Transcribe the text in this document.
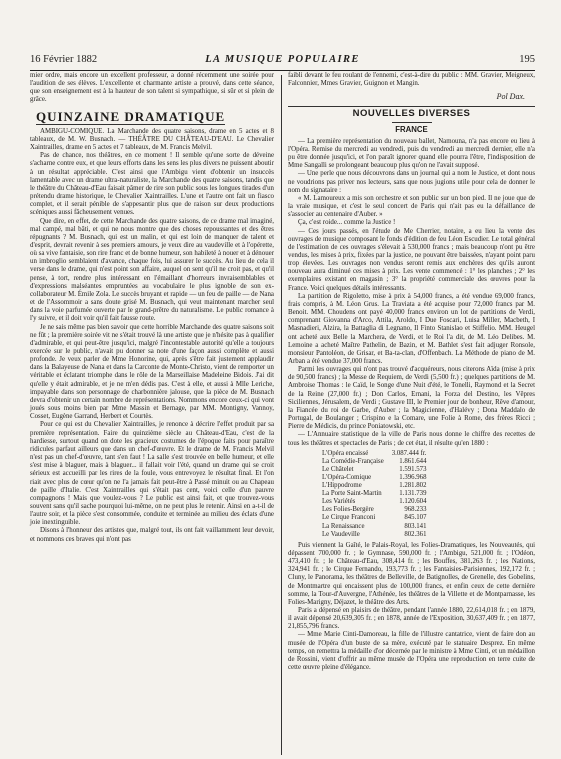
16 Février 1882	LA MUSIQUE POPULAIRE	195

mier ordre, mais encore un excellent professeur, a donné récemment une soirée pour l'audition de ses élèves. L'excellente et charmante artiste a prouvé, dans cette séance, que son enseignement est à la hauteur de son talent si sympathique, si sûr et si plein de grâce.

QUINZAINE DRAMATIQUE

AMBIGU-COMIQUE. La Marchande des quatre saisons, drame en 5 actes et 8 tableaux, de M. W. Busnach. — THÉÂTRE DU CHÂTEAU-D'EAU. Le Chevalier Xaintrailles, drame en 5 actes et 7 tableaux, de M. Francis Melvil.

Pas de chance, nos théâtres, en ce moment ! Il semble qu'une sorte de déveine s'acharne contre eux, et que leurs efforts dans les sens les plus divers ne puissent aboutir à un résultat appréciable. C'est ainsi que l'Ambigu vient d'obtenir un insuccès lamentable avec un drame ultra-naturaliste, la Marchande des quatre saisons, tandis que le théâtre du Château-d'Eau faisait pâmer de rire son public sous les longues tirades d'un prétendu drame historique, le Chevalier Xaintrailles. L'une et l'autre ont fait un fiasco complet, et il serait pénible de s'appesantir plus que de raison sur deux productions scéniques aussi fâcheusement venues.

Que dire, en effet, de cette Marchande des quatre saisons, de ce drame mal imaginé, mal campé, mal bâti, et qui ne nous montre que des choses repoussantes et des êtres répugnants ? M. Busnach, qui est un malin, et qui est loin de manquer de talent et d'esprit, devrait revenir à ses premiers amours, je veux dire au vaudeville et à l'opérette, où sa vive fantaisie, son rire franc et de bonne humeur, son habileté à nouer et à dénouer un imbroglio semblaient d'avance, chaque fois, lui assurer le succès. Au lieu de cela il verse dans le drame, qui n'est point son affaire, auquel on sent qu'il ne croit pas, et qu'il pense, à tort, rendre plus intéressant en l'émaillant d'horreurs invraisemblables et d'expressions malséantes empruntées au vocabulaire le plus ignoble de son ex-collaborateur M. Émile Zola. Le succès bruyant et rapide — un feu de paille — de Nana et de l'Assommoir a sans doute grisé M. Busnach, qui veut maintenant marcher seul dans la voie parfumée ouverte par le grand-prêtre du naturalisme. Le public romance à l'y suivre, et il doit voir qu'il fait fausse route.

Je ne sais même pas bien savoir que cette horrible Marchande des quatre saisons soit ne fût ; la première soirée vit ne s'était trouvé là une artiste que je n'hésite pas à qualifier d'admirable, et qui peut-être jusqu'ici, malgré l'incontestable autorité qu'elle a toujours exercée sur le public, n'avait pu donner sa note d'une façon aussi complète et aussi profonde. Je veux parler de Mme Honorine, qui, après s'être fait justement applaudir dans la Balayeuse de Nana et dans la Carconte de Monte-Christo, vient de remporter un véritable et éclatant triomphe dans le rôle de la Marseillaise Madeleine Bidois. J'ai dit qu'elle y était admirable, et je ne m'en dédis pas. C'est à elle, et aussi à Mlle Leriche, impayable dans son personnage de charbonnière jalouse, que la pièce de M. Busnach devra d'obtenir un certain nombre de représentations. Nommons encore ceux-ci qui vont joués sous moins bien par Mme Massin et Bernage, par MM. Montigny, Vannoy, Cosset, Eugène Garrand, Herbert et Courtès.

Pour ce qui est du Chevalier Xaintrailles, je renonce à décrire l'effet produit par sa première représentation. Faire du quinzième siècle au Château-d'Eau, c'est de la hardiesse, surtout quand on dote les gracieux costumes de l'époque faits pour paraître ridicules parfaut ailleurs que dans un chef-d'œuvre. Et le drame de M. Francis Melvil n'est pas un chef-d'œuvre, tant s'en faut ! La salle s'est trouvée en belle humeur, et elle s'est mise à blaguer, mais à blaguer... il fallait voir l'été, quand un drame qui se croit sérieux est accueilli par les rires de la foule, vous entrevoyez le résultat final. Et l'on riait avec plus de cœur qu'on ne l'a jamais fait peut-être à Passé minuit ou au Chapeau de paille d'Italie. C'est Xaintrailles qui s'était pas cent, voici celle d'un pauvre compagnons ! Mais que voulez-vous ? Le public est ainsi fait, et que trouvez-vous souvent sans qu'il sache pourquoi lui-même, on ne peut plus le retenir. Ainsi en a-t-il de l'autre soir, et la pièce s'est consommée, conduite et terminée au milieu des éclats d'une joie inextinguible.

Disons à l'honneur des artistes que, malgré tout, ils ont fait vaillamment leur devoir, et nommons ces braves qui n'ont pas

faibli devant le feu roulant de l'ennemi, c'est-à-dire du public : MM. Gravier, Meigneux, Falconnier, Mmes Gravier, Guignon et Mangin.

Pol Dax.
NOUVELLES DIVERSES
FRANCE

— La première représentation du nouveau ballet, Namouna, n'a pas encore eu lieu à l'Opéra. Remise du mercredi au vendredi, puis du vendredi au mercredi dernier, elle n'a pu être donnée jusqu'ici, et l'on paraît ignorer quand elle pourra l'être, l'indisposition de Mme Sangalli se prolongeant beaucoup plus qu'on ne l'avait supposé.

— Une perle que nous découvrons dans un journal qui a nom le Justice, et dont nous ne voudrions pas priver nos lecteurs, sans que nous jugions utile pour cela de donner le nom du signataire :

« M. Lamoureux a mis son orchestre et son public sur un bon pied. Il ne joue que de la vraie musique, et c'est le seul concert de Paris qui n'ait pas eu la défaillance de s'associer au centenaire d'Auber. »

Ça, c'est roide... comme la Justice !

— Ces jours passés, en l'étude de Me Cherrier, notaire, a eu lieu la vente des ouvrages de musique composant le fonds d'édition de feu Léon Escudier. Le total général de l'estimation de ces ouvrages s'élevait à 530,000 francs ; mais beaucoup n'ont pu être vendus, les mises à prix, fixées par la justice, ne pouvant être baissées, n'ayant point paru trop élevées. Les ouvrages non vendus seront remis aux enchères des qu'ils auront nouveau aura diminué ces mises à prix. Les vente commencé : 1° les planches ; 2° les exemplaires existant en magasin ; 3° la propriété commerciale des œuvres pour la France. Voici quelques détails intéressants.

La partition de Rigoletto, mise à prix à 54,000 francs, a été vendue 69,000 francs, frais compris, à M. Léon Grus. La Traviata a été acquise pour 72,000 francs par M. Benoit. MM. Choudens ont payé 40,000 francs environ un lot de partitions de Verdi, comprenant Giovanna d'Arco, Attila, Aroldo, I Due Foscari, Luisa Miller, Macbeth, I Masnadieri, Alzira, la Battaglia di Legnano, Il Finto Stanislao et Stiffelio. MM. Heugel ont acheté aux Belle la Marchera, de Verdi, et le Roi l'a dit, de M. Léo Delibes. M. Lemoine a acheté Maître Pathelin, de Bazin, et M. Bathlet s'est fait adjuger Ronsole, monsieur Pantoléon, de Grisar, et Ba-ta-clan, d'Offenbach. La Méthode de piano de M. Arban a été vendue 37,000 francs.

Parmi les ouvrages qui n'ont pas trouvé d'acquéreurs, nous citerons Aïda (mise à prix de 90,500 francs) ; la Messe de Requiem, de Verdi (5,500 fr.) ; quelques partitions de M. Ambroise Thomas : le Caïd, le Songe d'une Nuit d'été, le Tonelli, Raymond et la Secret de la Reine (27,000 fr.) ; Don Carlos, Ernani, la Forza del Destino, les Vêpres Siciliennes, Jérusalem, de Verdi ; Gustave III, le Premier jour de bonheur, Rêve d'amour, la Fiancée du roi de Garbe, d'Auber ; la Magicienne, d'Halévy ; Dona Maddalo de Portugal, de Boulanger ; Crispino e la Comare, une Folie à Rome, des frères Ricci ; Pierre de Médicis, du prince Poniatowski, etc.

— L'Annuaire statistique de la ville de Paris nous donne le chiffre des recettes de tous les théâtres et spectacles de Paris ; de cet état, il résulte qu'en 1880 :

L'Opéra encaissé	3.087.444 fr.
La Comédie-Française	1.861.644
Le Châtelet	1.591.573
L'Opéra-Comique	1.396.968
L'Hippodrome	1.281.802
La Porte Saint-Martin	1.131.739
Les Variétés	1.120.604
Les Folies-Bergère	968.233
Le Cirque Franconi	845.107
La Renaissance	803.141
Le Vaudeville	802.361

Puis viennent la Gaîté, le Palais-Royal, les Folies-Dramatiques, les Nouveautés, qui dépassent 700,000 fr. ; le Gymnase, 590,000 fr. ; l'Ambigu, 521,000 fr. ; l'Odéon, 473,410 fr. ; le Château-d'Eau, 308,414 fr. ; les Bouffes, 381,263 fr. ; les Nations, 324,941 fr. ; le Cirque Fernando, 193,773 fr. ; les Fantaisies-Parisiennes, 192,172 fr. ; Cluny, le Panorama, les théâtres de Belleville, de Batignolles, de Grenelle, des Gobelins, de Montmartre qui encaissent plus de 100,000 francs, et enfin ceux de cette dernière somme, la Tour-d'Auvergne, l'Athénée, les théâtres de la Villette et de Montparnasse, les Folies-Marigny, Déjazet, le théâtre des Arts.

Paris a dépensé en plaisirs de théâtre, pendant l'année 1880, 22,614,018 fr. ; en 1879, il avait dépensé 20,639,305 fr. ; en 1878, année de l'Exposition, 30,637,409 fr. ; en 1877, 21,855,796 francs.

— Mme Marie Cinti-Damoreau, la fille de l'illustre cantatrice, vient de faire don au musée de l'Opéra d'un buste de sa mère, exécuté par le statuaire Desprez. En même temps, on remettra la médaille d'or décernée par le ministre à Mme Cinti, et un médaillon de Rossini, vient d'offrir au même musée de l'Opéra une reproduction en terre cuite de cette œuvre pleine d'élégance.
